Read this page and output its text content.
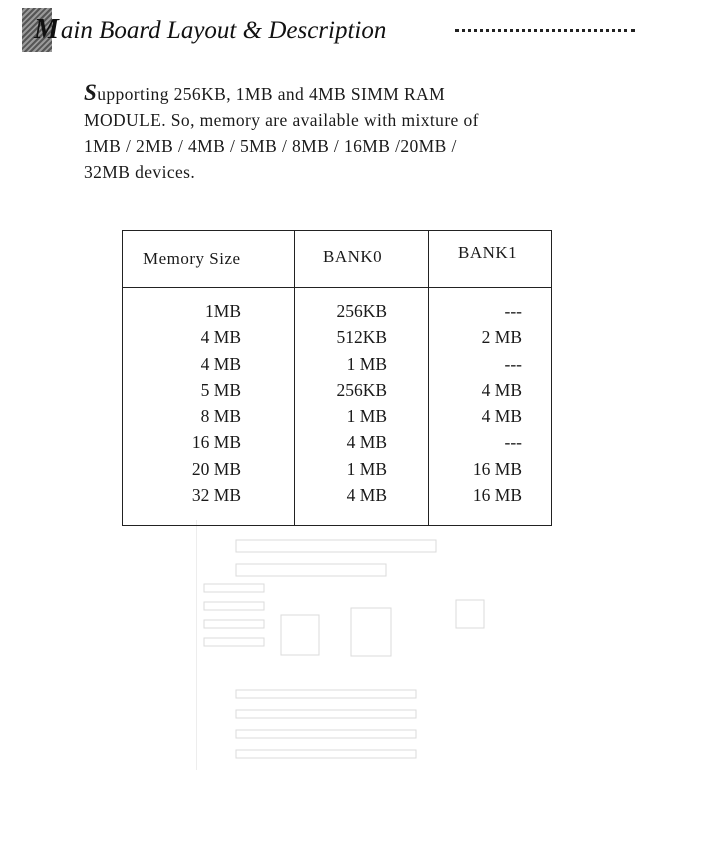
Main Board Layout & Description
Supporting 256KB, 1MB and 4MB SIMM RAM
MODULE. So, memory are available with mixture of
1MB / 2MB / 4MB / 5MB / 8MB / 16MB /20MB /
32MB devices.
Memory Size	BANK0	BANK1
1MB	256KB	---
4 MB	512KB	2 MB
4 MB	1 MB	---
5 MB	256KB	4 MB
8 MB	1 MB	4 MB
16 MB	4 MB	---
20 MB	1 MB	16 MB
32 MB	4 MB	16 MB
